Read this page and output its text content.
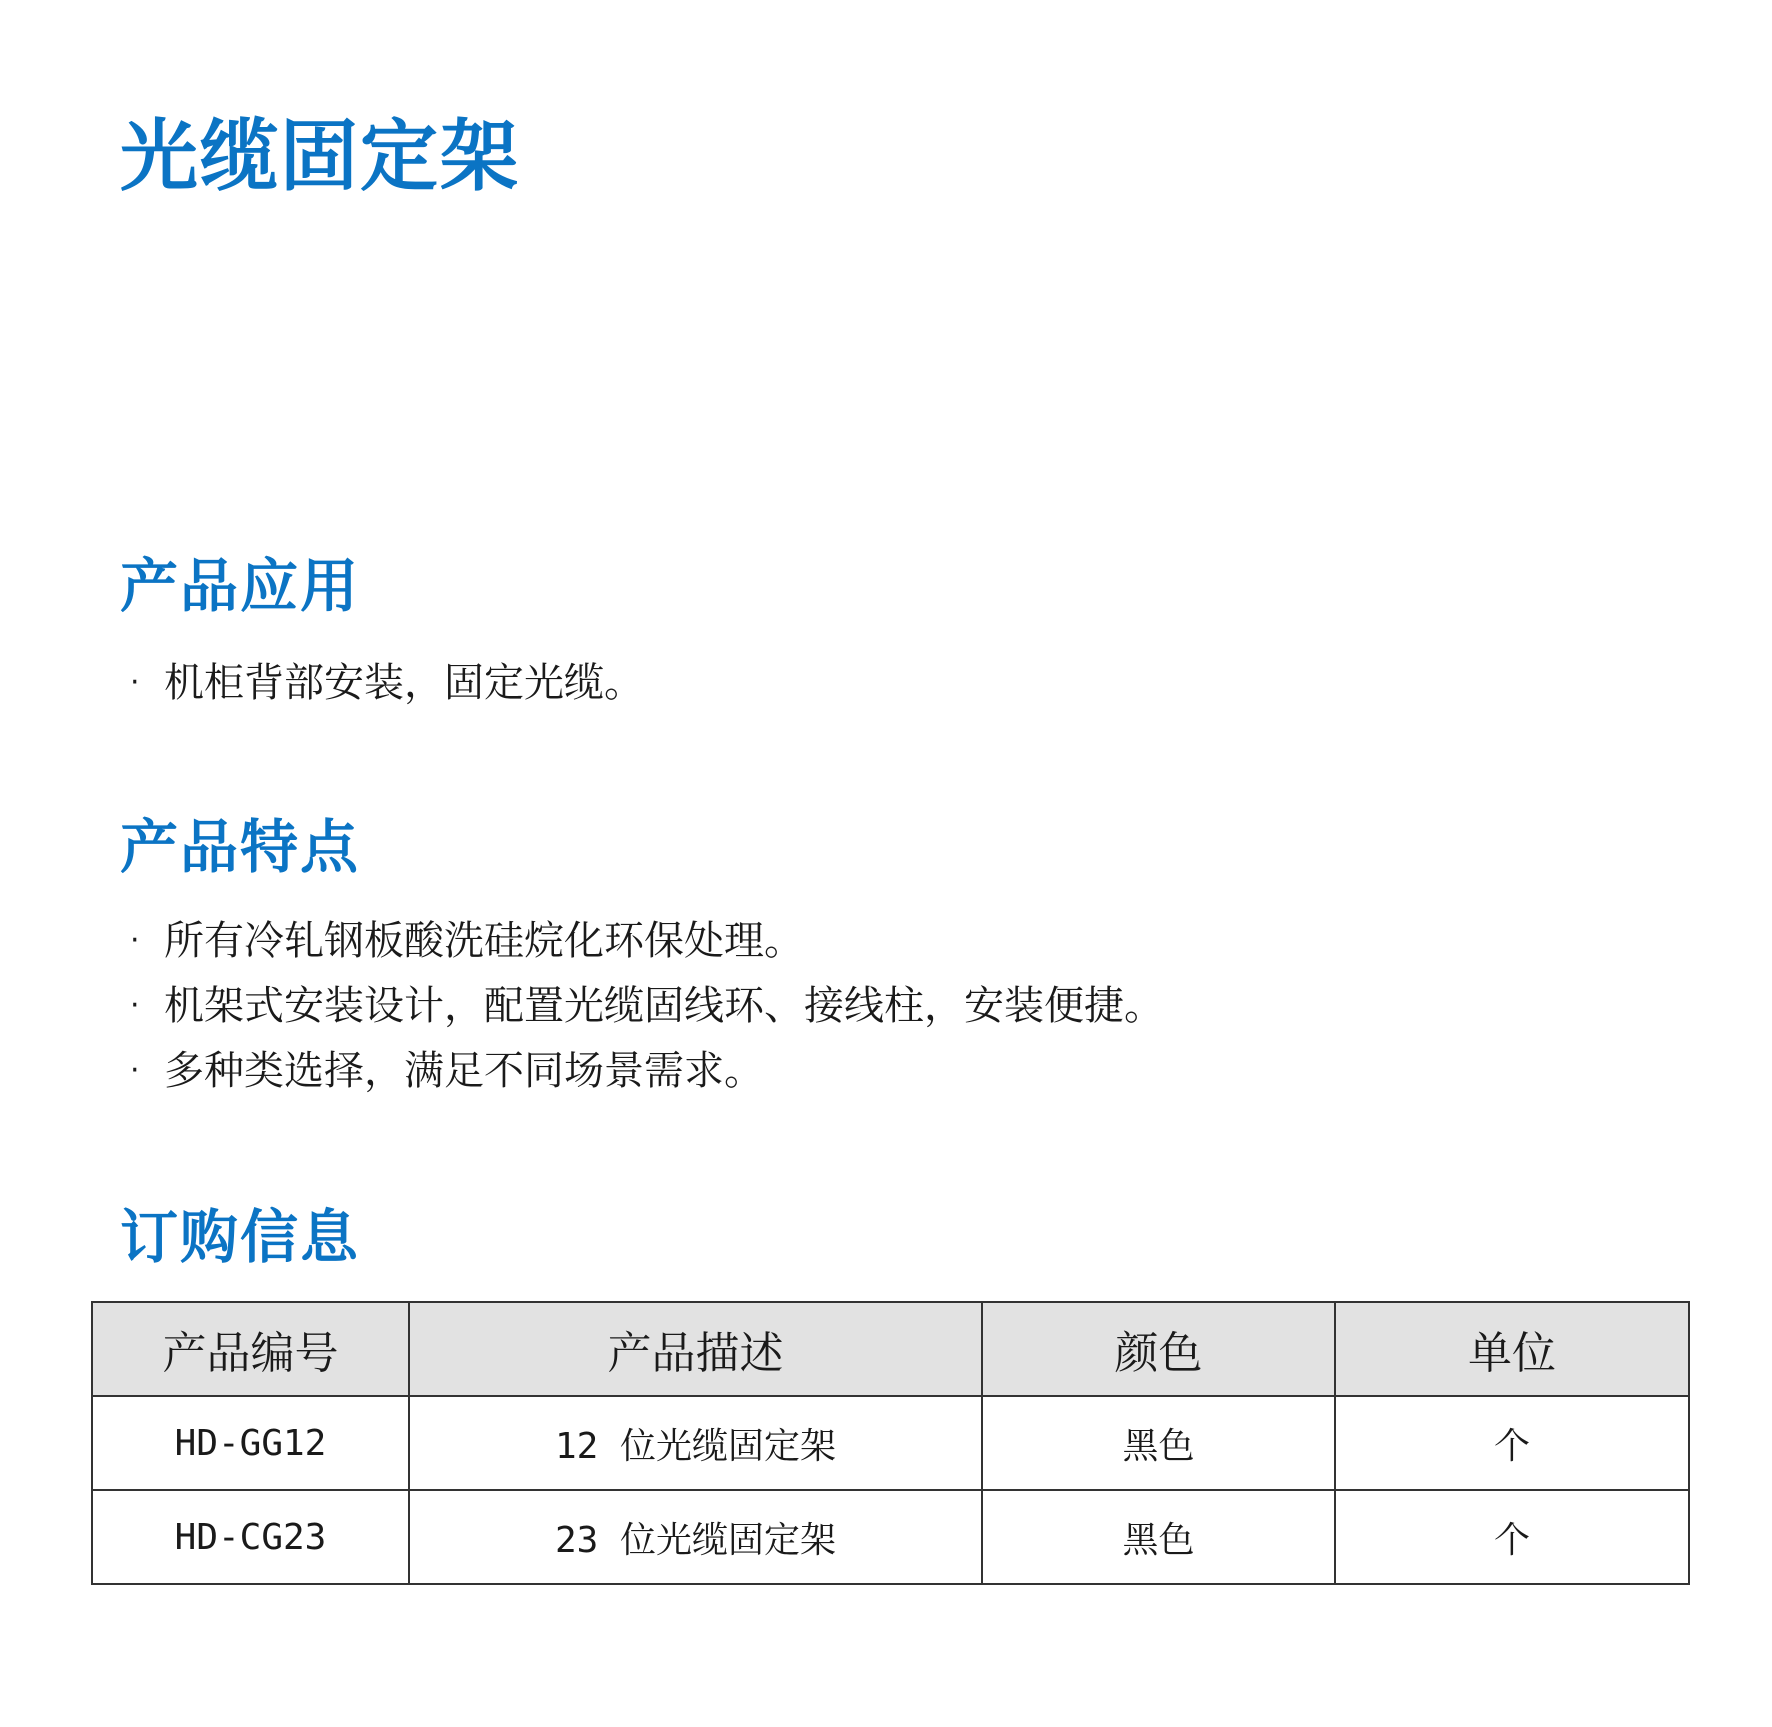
光缆固定架
产品应用
· 机柜背部安装，固定光缆。
产品特点
· 所有冷轧钢板酸洗硅烷化环保处理。
· 机架式安装设计，配置光缆固线环、接线柱，安装便捷。
· 多种类选择，满足不同场景需求。
订购信息
产品编号	产品描述	颜色	单位
HD-GG12	12 位光缆固定架	黑色	个
HD-CG23	23 位光缆固定架	黑色	个
